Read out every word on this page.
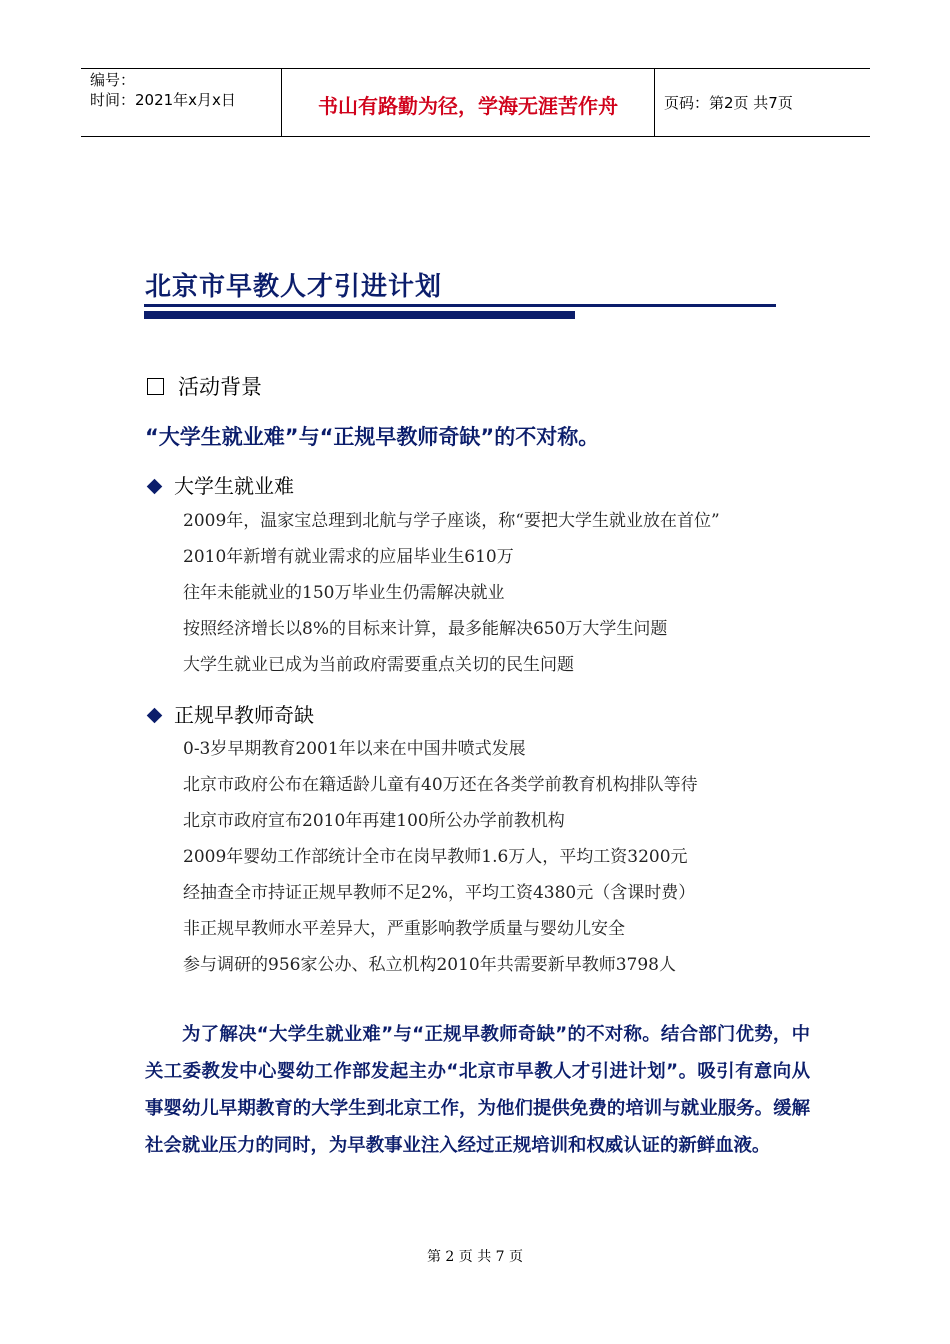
编号：
时间：2021年x月x日	书山有路勤为径，学海无涯苦作舟	页码：第2页 共7页
北京市早教人才引进计划
活动背景
“大学生就业难”与“正规早教师奇缺”的不对称。
大学生就业难
2009年，温家宝总理到北航与学子座谈，称“要把大学生就业放在首位”
2010年新增有就业需求的应届毕业生610万
往年未能就业的150万毕业生仍需解决就业
按照经济增长以8%的目标来计算，最多能解决650万大学生问题
大学生就业已成为当前政府需要重点关切的民生问题
正规早教师奇缺
0-3岁早期教育2001年以来在中国井喷式发展
北京市政府公布在籍适龄儿童有40万还在各类学前教育机构排队等待
北京市政府宣布2010年再建100所公办学前教机构
2009年婴幼工作部统计全市在岗早教师1.6万人，平均工资3200元
经抽查全市持证正规早教师不足2%，平均工资4380元（含课时费）
非正规早教师水平差异大，严重影响教学质量与婴幼儿安全
参与调研的956家公办、私立机构2010年共需要新早教师3798人
为了解决“大学生就业难”与“正规早教师奇缺”的不对称。结合部门优势，中关工委教发中心婴幼工作部发起主办“北京市早教人才引进计划”。吸引有意向从事婴幼儿早期教育的大学生到北京工作，为他们提供免费的培训与就业服务。缓解社会就业压力的同时，为早教事业注入经过正规培训和权威认证的新鲜血液。
第 2 页 共 7 页
